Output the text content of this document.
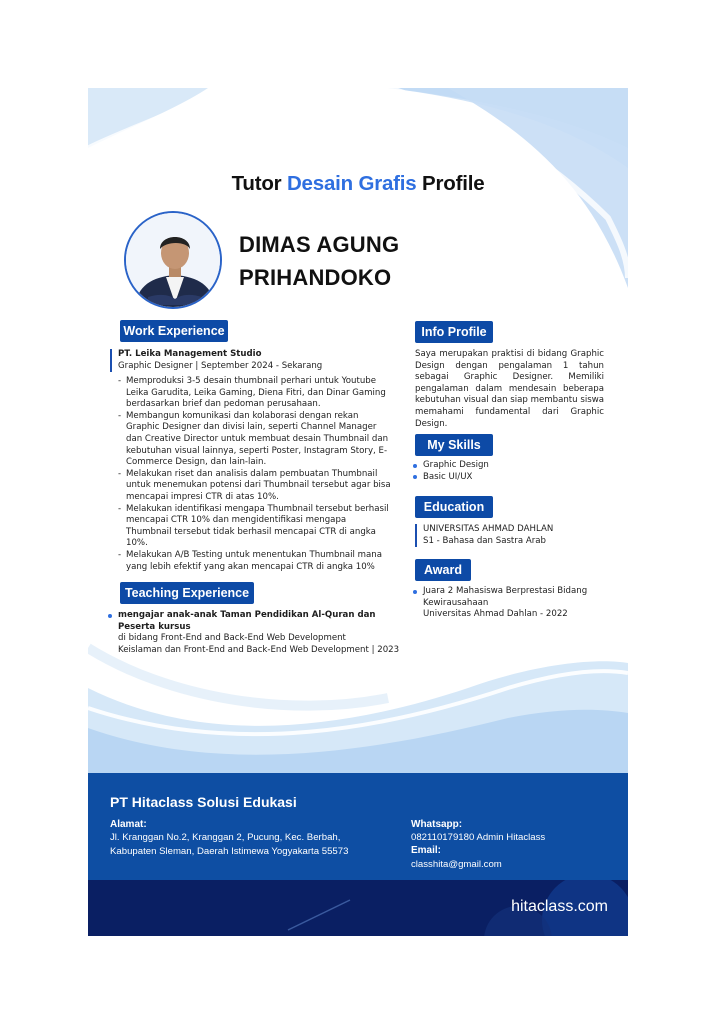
Tutor Desain Grafis Profile
DIMAS AGUNG
PRIHANDOKO
Work Experience
PT. Leika Management Studio
Graphic Designer | September 2024 - Sekarang
- Memproduksi 3-5 desain thumbnail perhari untuk Youtube Leika Garudita, Leika Gaming, Diena Fitri, dan Dinar Gaming berdasarkan brief dan pedoman perusahaan.
- Membangun komunikasi dan kolaborasi dengan rekan Graphic Designer dan divisi lain, seperti Channel Manager dan Creative Director untuk membuat desain Thumbnail dan kebutuhan visual lainnya, seperti Poster, Instagram Story, E-Commerce Design, dan lain-lain.
- Melakukan riset dan analisis dalam pembuatan Thumbnail untuk menemukan potensi dari Thumbnail tersebut agar bisa mencapai impresi CTR di atas 10%.
- Melakukan identifikasi mengapa Thumbnail tersebut berhasil mencapai CTR 10% dan mengidentifikasi mengapa Thumbnail tersebut tidak berhasil mencapai CTR di angka 10%.
- Melakukan A/B Testing untuk menentukan Thumbnail mana yang lebih efektif yang akan mencapai CTR di angka 10%
Teaching Experience
mengajar anak-anak Taman Pendidikan Al-Quran dan Peserta kursus
di bidang Front-End and Back-End Web Development
Keislaman dan Front-End and Back-End Web Development | 2023
Info Profile
Saya merupakan praktisi di bidang Graphic Design dengan pengalaman 1 tahun sebagai Graphic Designer. Memiliki pengalaman dalam mendesain beberapa kebutuhan visual dan siap membantu siswa memahami fundamental dari Graphic Design.
My Skills
Graphic Design
Basic UI/UX
Education
UNIVERSITAS AHMAD DAHLAN
S1 - Bahasa dan Sastra Arab
Award
Juara 2 Mahasiswa Berprestasi Bidang
Kewirausahaan
Universitas Ahmad Dahlan - 2022
PT Hitaclass Solusi Edukasi
Alamat:
Jl. Kranggan No.2, Kranggan 2, Pucung, Kec. Berbah,
Kabupaten Sleman, Daerah Istimewa Yogyakarta 55573
Whatsapp:
082110179180 Admin Hitaclass
Email:
classhita@gmail.com
hitaclass.com
